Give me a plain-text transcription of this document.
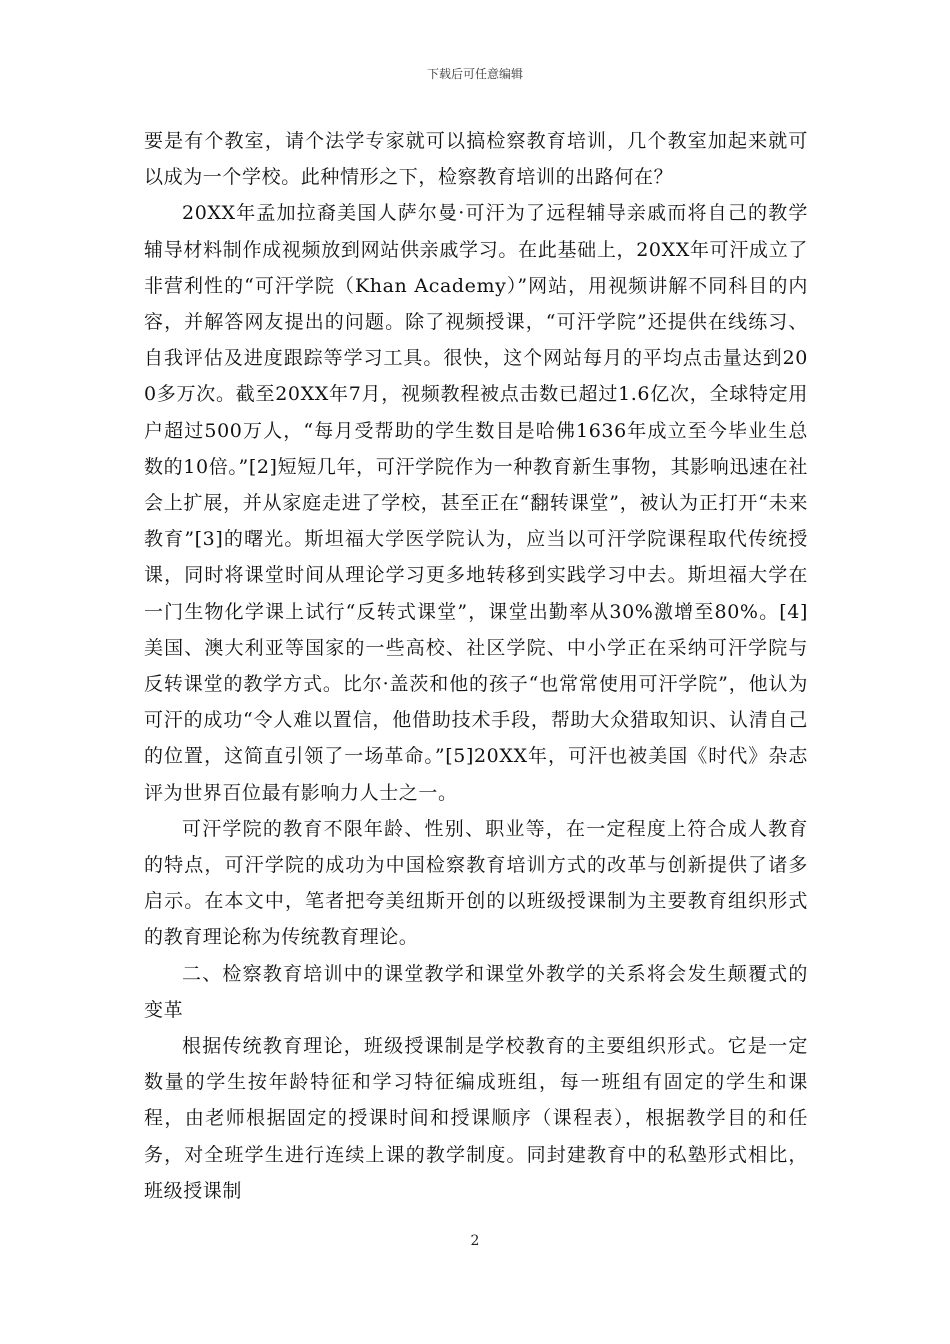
下载后可任意编辑

要是有个教室，请个法学专家就可以搞检察教育培训，几个教室加起来就可以成为一个学校。此种情形之下，检察教育培训的出路何在？

20XX年孟加拉裔美国人萨尔曼·可汗为了远程辅导亲戚而将自己的教学辅导材料制作成视频放到网站供亲戚学习。在此基础上，20XX年可汗成立了非营利性的“可汗学院（Khan Academy）”网站，用视频讲解不同科目的内容，并解答网友提出的问题。除了视频授课，“可汗学院”还提供在线练习、自我评估及进度跟踪等学习工具。很快，这个网站每月的平均点击量达到200多万次。截至20XX年7月，视频教程被点击数已超过1.6亿次，全球特定用户超过500万人，“每月受帮助的学生数目是哈佛1636年成立至今毕业生总数的10倍。”[2]短短几年，可汗学院作为一种教育新生事物，其影响迅速在社会上扩展，并从家庭走进了学校，甚至正在“翻转课堂”，被认为正打开“未来教育”[3]的曙光。斯坦福大学医学院认为，应当以可汗学院课程取代传统授课，同时将课堂时间从理论学习更多地转移到实践学习中去。斯坦福大学在一门生物化学课上试行“反转式课堂”，课堂出勤率从30%激增至80%。[4]美国、澳大利亚等国家的一些高校、社区学院、中小学正在采纳可汗学院与反转课堂的教学方式。比尔·盖茨和他的孩子“也常常使用可汗学院”，他认为可汗的成功“令人难以置信，他借助技术手段，帮助大众猎取知识、认清自己的位置，这简直引领了一场革命。”[5]20XX年，可汗也被美国《时代》杂志评为世界百位最有影响力人士之一。

可汗学院的教育不限年龄、性别、职业等，在一定程度上符合成人教育的特点，可汗学院的成功为中国检察教育培训方式的改革与创新提供了诸多启示。在本文中，笔者把夸美纽斯开创的以班级授课制为主要教育组织形式的教育理论称为传统教育理论。

二、检察教育培训中的课堂教学和课堂外教学的关系将会发生颠覆式的变革

根据传统教育理论，班级授课制是学校教育的主要组织形式。它是一定数量的学生按年龄特征和学习特征编成班组，每一班组有固定的学生和课程，由老师根据固定的授课时间和授课顺序（课程表），根据教学目的和任务，对全班学生进行连续上课的教学制度。同封建教育中的私塾形式相比，班级授课制

2
